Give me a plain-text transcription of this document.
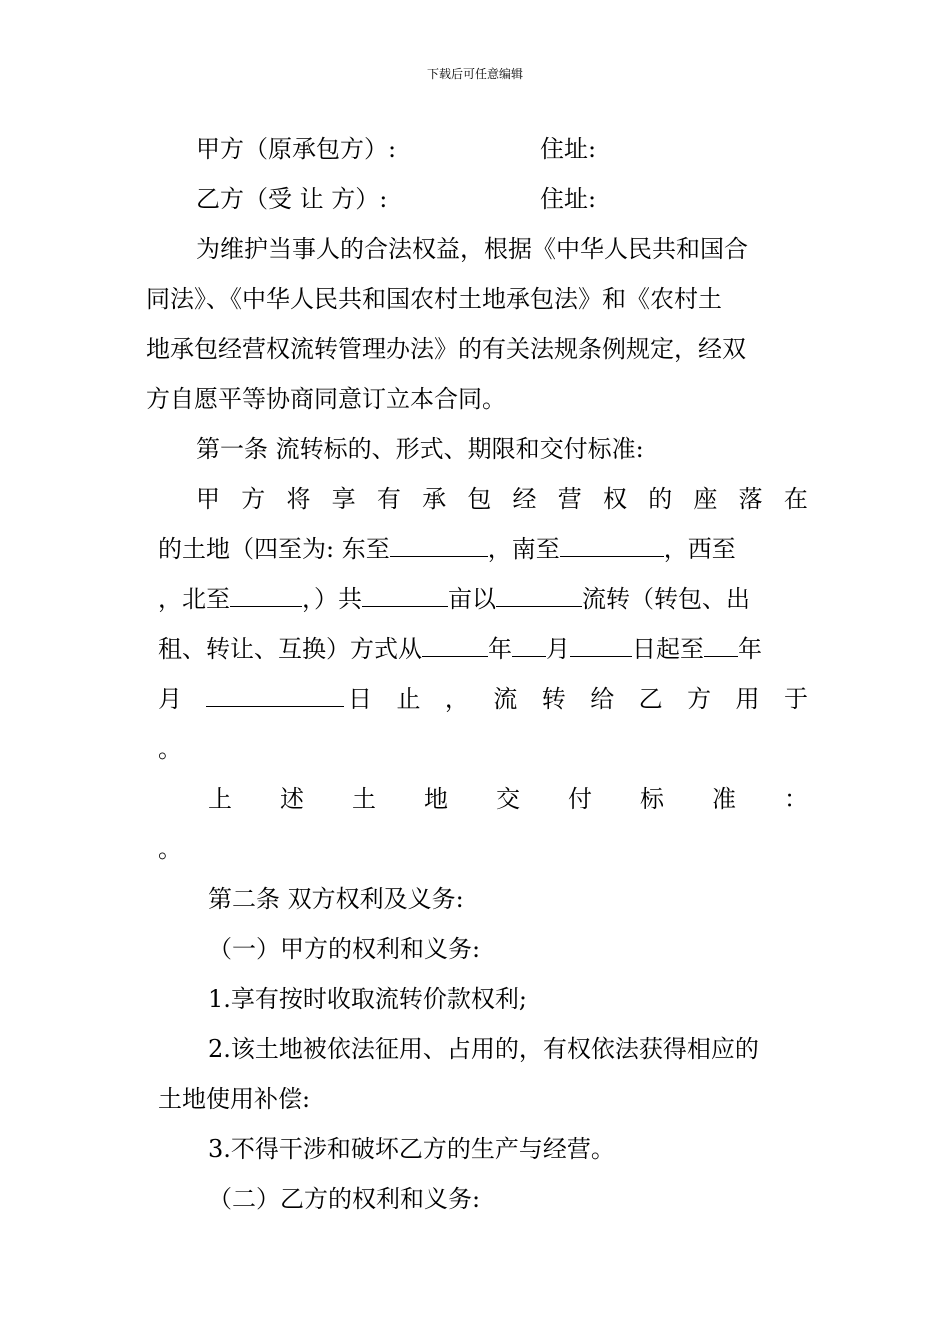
下载后可任意编辑
甲方（原承包方）:	住址:
乙方（受 让 方）:	住址:
为维护当事人的合法权益，根据《中华人民共和国合
同法》、《中华人民共和国农村土地承包法》和《农村土
地承包经营权流转管理办法》的有关法规条例规定，经双
方自愿平等协商同意订立本合同。
第一条 流转标的、形式、期限和交付标准:
甲 方 将 享 有 承 包 经 营 权 的 座 落 在
的土地（四至为: 东至	，南至	，西至
，北至	，）共	亩以	流转（转包、出
租、转让、互换）方式从	年 月	日起至 年
月	日 止 ， 流 转 给 乙 方 用 于
。
上 述 土 地 交 付 标 准 ：
。
第二条 双方权利及义务:
（一）甲方的权利和义务:
1.享有按时收取流转价款权利;
2.该土地被依法征用、占用的，有权依法获得相应的
土地使用补偿:
3.不得干涉和破坏乙方的生产与经营。
（二）乙方的权利和义务:
